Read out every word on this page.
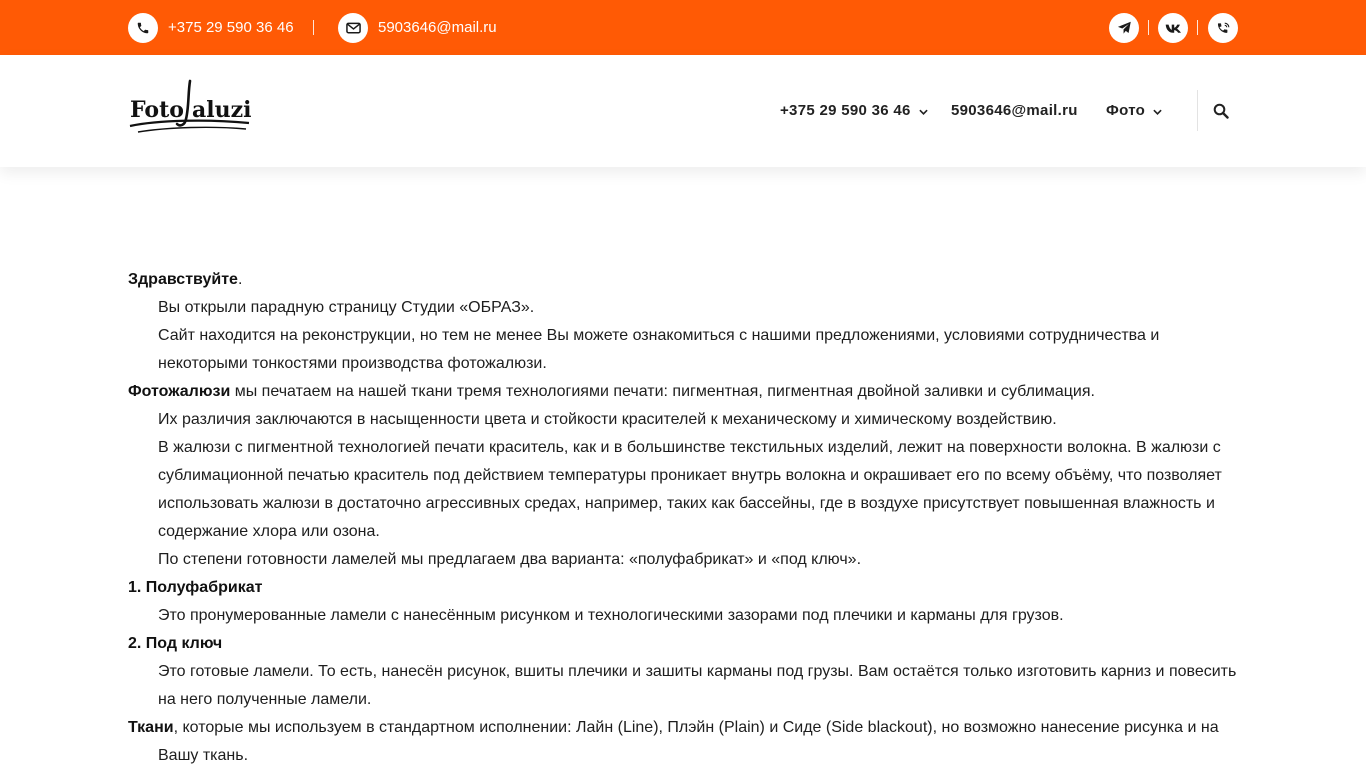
+375 29 590 36 46	5903646@mail.ru
Foto aluzi	+375 29 590 36 46	5903646@mail.ru Фото

Здравствуйте.

Вы открыли парадную страницу Студии «ОБРАЗ».

Сайт находится на реконструкции, но тем не менее Вы можете ознакомиться с нашими предложениями, условиями сотрудничества и некоторыми тонкостями производства фотожалюзи.

Фотожалюзи мы печатаем на нашей ткани тремя технологиями печати: пигментная, пигментная двойной заливки и сублимация.

Их различия заключаются в насыщенности цвета и стойкости красителей к механическому и химическому воздействию.

В жалюзи с пигментной технологией печати краситель, как и в большинстве текстильных изделий, лежит на поверхности волокна. В жалюзи с сублимационной печатью краситель под действием температуры проникает внутрь волокна и окрашивает его по всему объёму, что позволяет использовать жалюзи в достаточно агрессивных средах, например, таких как бассейны, где в воздухе присутствует повышенная влажность и содержание хлора или озона.

По степени готовности ламелей мы предлагаем два варианта: «полуфабрикат» и «под ключ».

1. Полуфабрикат

Это пронумерованные ламели с нанесённым рисунком и технологическими зазорами под плечики и карманы для грузов.

2. Под ключ

Это готовые ламели. То есть, нанесён рисунок, вшиты плечики и зашиты карманы под грузы. Вам остаётся только изготовить карниз и повесить на него полученные ламели.

Ткани, которые мы используем в стандартном исполнении: Лайн (Line), Плэйн (Plain) и Сиде (Side blackout), но возможно нанесение рисунка и на Вашу ткань.
